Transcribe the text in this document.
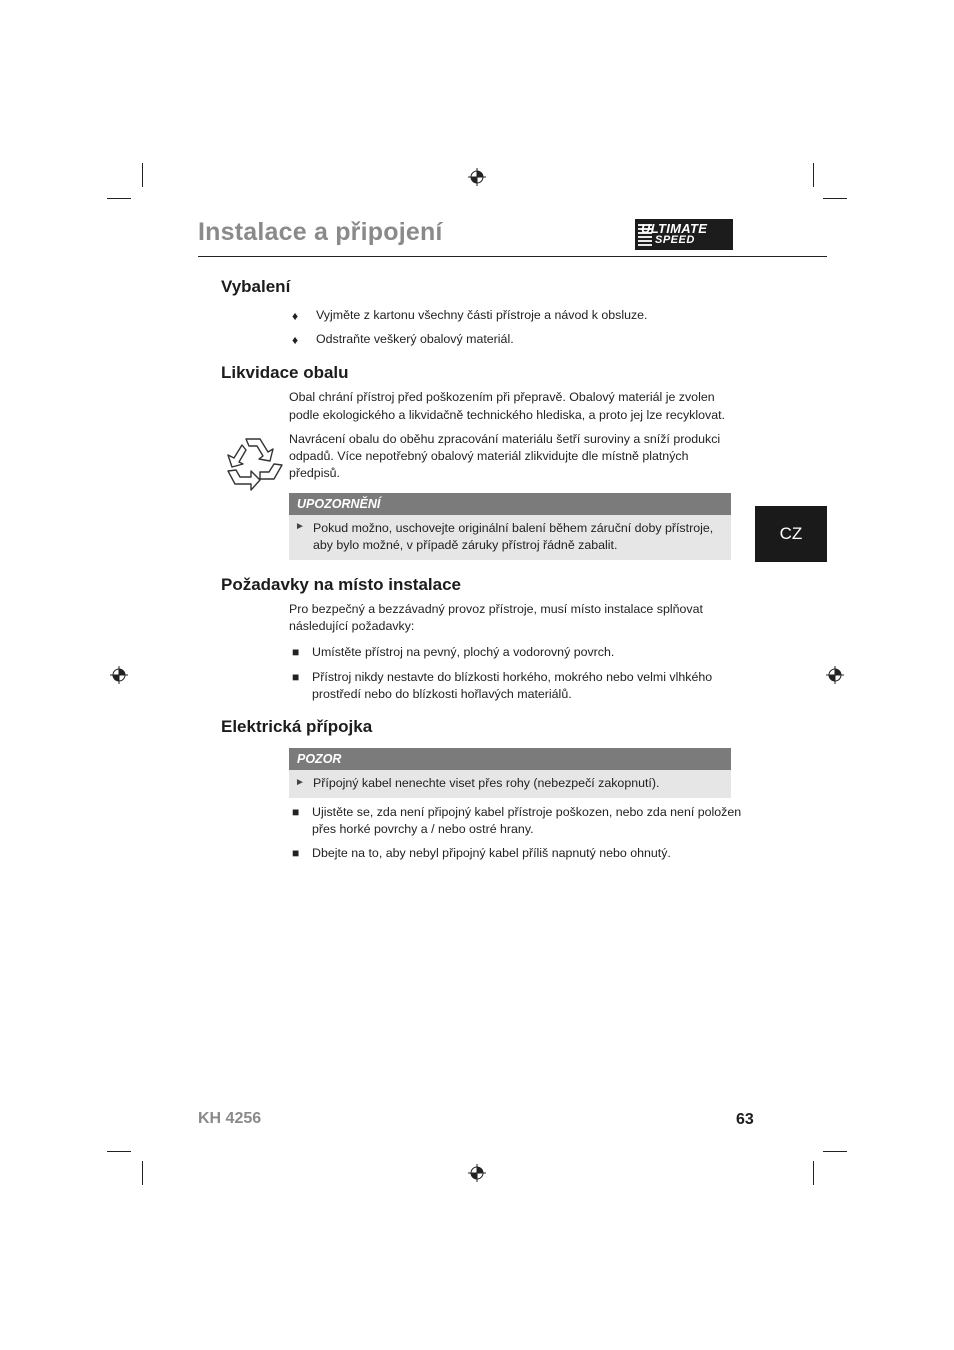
Instalace a připojení	ULTIMATE
SPEED
Vybalení
♦ Vyjměte z kartonu všechny části přístroje a návod k obsluze.
♦ Odstraňte veškerý obalový materiál.
Likvidace obalu
Obal chrání přístroj před poškozením při přepravě. Obalový materiál je zvolen
podle ekologického a likvidačně technického hlediska, a proto jej lze recyklovat.
Navrácení obalu do oběhu zpracování materiálu šetří suroviny a sníží produkci
odpadů. Více nepotřebný obalový materiál zlikvidujte dle místně platných
předpisů.
UPOZORNĚNÍ
► Pokud možno, uschovejte originální balení během záruční doby přístroje,
aby bylo možné, v případě záruky přístroj řádně zabalit.
CZ
Požadavky na místo instalace
Pro bezpečný a bezzávadný provoz přístroje, musí místo instalace splňovat
následující požadavky:
■ Umístěte přístroj na pevný, plochý a vodorovný povrch.
■ Přístroj nikdy nestavte do blízkosti horkého, mokrého nebo velmi vlhkého
prostředí nebo do blízkosti hořlavých materiálů.
Elektrická přípojka
POZOR
► Přípojný kabel nenechte viset přes rohy (nebezpečí zakopnutí).
■ Ujistěte se, zda není připojný kabel přístroje poškozen, nebo zda není položen
přes horké povrchy a / nebo ostré hrany.
■ Dbejte na to, aby nebyl připojný kabel příliš napnutý nebo ohnutý.
KH 4256	63
